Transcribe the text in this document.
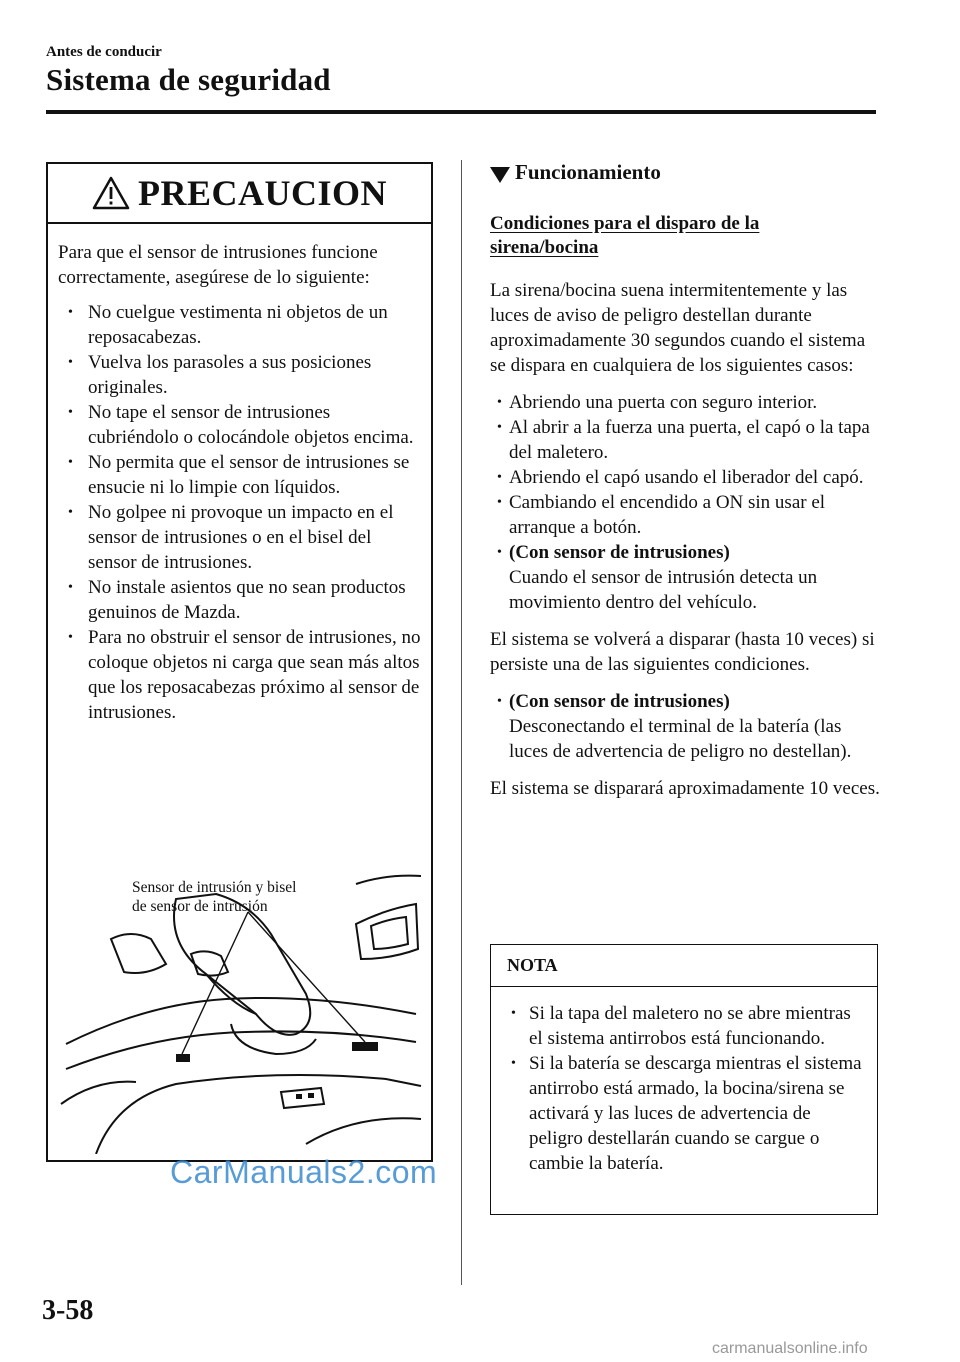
Antes de conducir
Sistema de seguridad
PRECAUCION

Para que el sensor de intrusiones funcione correctamente, asegúrese de lo siguiente:

• No cuelgue vestimenta ni objetos de un reposacabezas.
• Vuelva los parasoles a sus posiciones originales.
• No tape el sensor de intrusiones cubriéndolo o colocándole objetos encima.
• No permita que el sensor de intrusiones se ensucie ni lo limpie con líquidos.
• No golpee ni provoque un impacto en el sensor de intrusiones o en el bisel del sensor de intrusiones.
• No instale asientos que no sean productos genuinos de Mazda.
• Para no obstruir el sensor de intrusiones, no coloque objetos ni carga que sean más altos que los reposacabezas próximo al sensor de intrusiones.
Sensor de intrusión y bisel
de sensor de intrusión
Funcionamiento
Condiciones para el disparo de la
sirena/bocina

La sirena/bocina suena intermitentemente y las luces de aviso de peligro destellan durante aproximadamente 30 segundos cuando el sistema se dispara en cualquiera de los siguientes casos:

• Abriendo una puerta con seguro interior.
• Al abrir a la fuerza una puerta, el capó o la tapa del maletero.
• Abriendo el capó usando el liberador del capó.
• Cambiando el encendido a ON sin usar el arranque a botón.
• (Con sensor de intrusiones)
Cuando el sensor de intrusión detecta un movimiento dentro del vehículo.

El sistema se volverá a disparar (hasta 10 veces) si persiste una de las siguientes condiciones.

• (Con sensor de intrusiones)
Desconectando el terminal de la batería (las luces de advertencia de peligro no destellan).

El sistema se disparará aproximadamente 10 veces.

NOTA
• Si la tapa del maletero no se abre mientras el sistema antirrobos está funcionando.
• Si la batería se descarga mientras el sistema antirrobo está armado, la bocina/sirena se activará y las luces de advertencia de peligro destellarán cuando se cargue o cambie la batería.
CarManuals2.com
3-58
carmanualsonline.info
